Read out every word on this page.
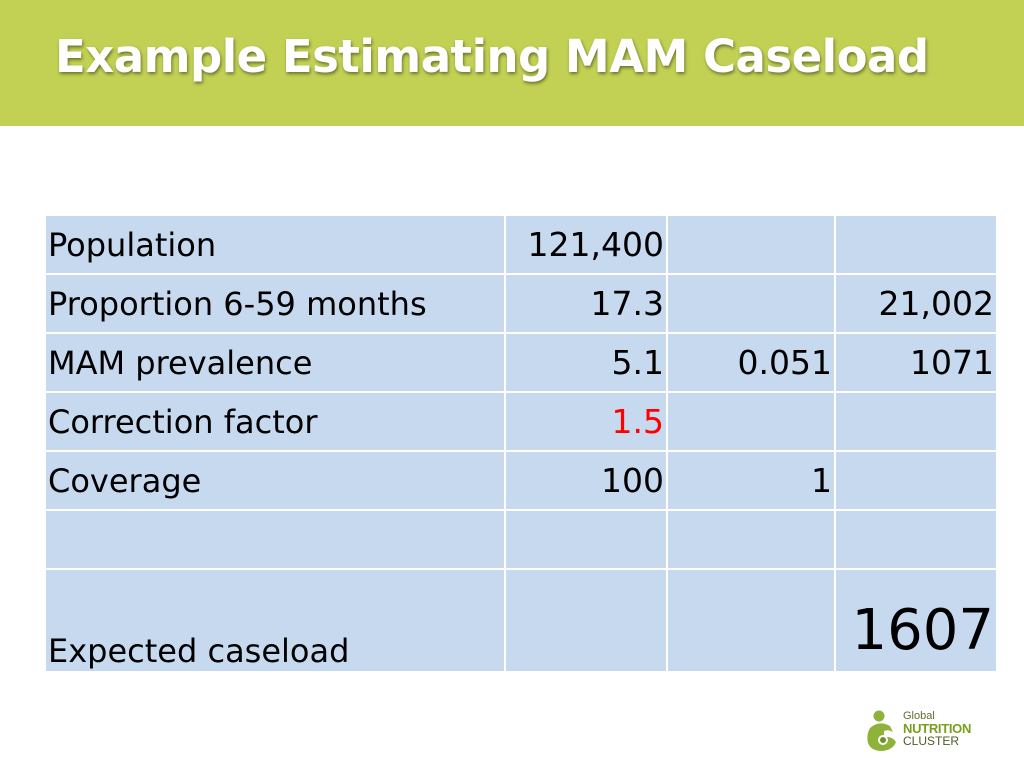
Example Estimating MAM Caseload
Population	121,400		
Proportion 6-59 months	17.3		21,002
MAM prevalence	5.1	0.051	1071
Correction factor	1.5		
Coverage	100	1	

Expected caseload			1607
Global
NUTRITION
CLUSTER
